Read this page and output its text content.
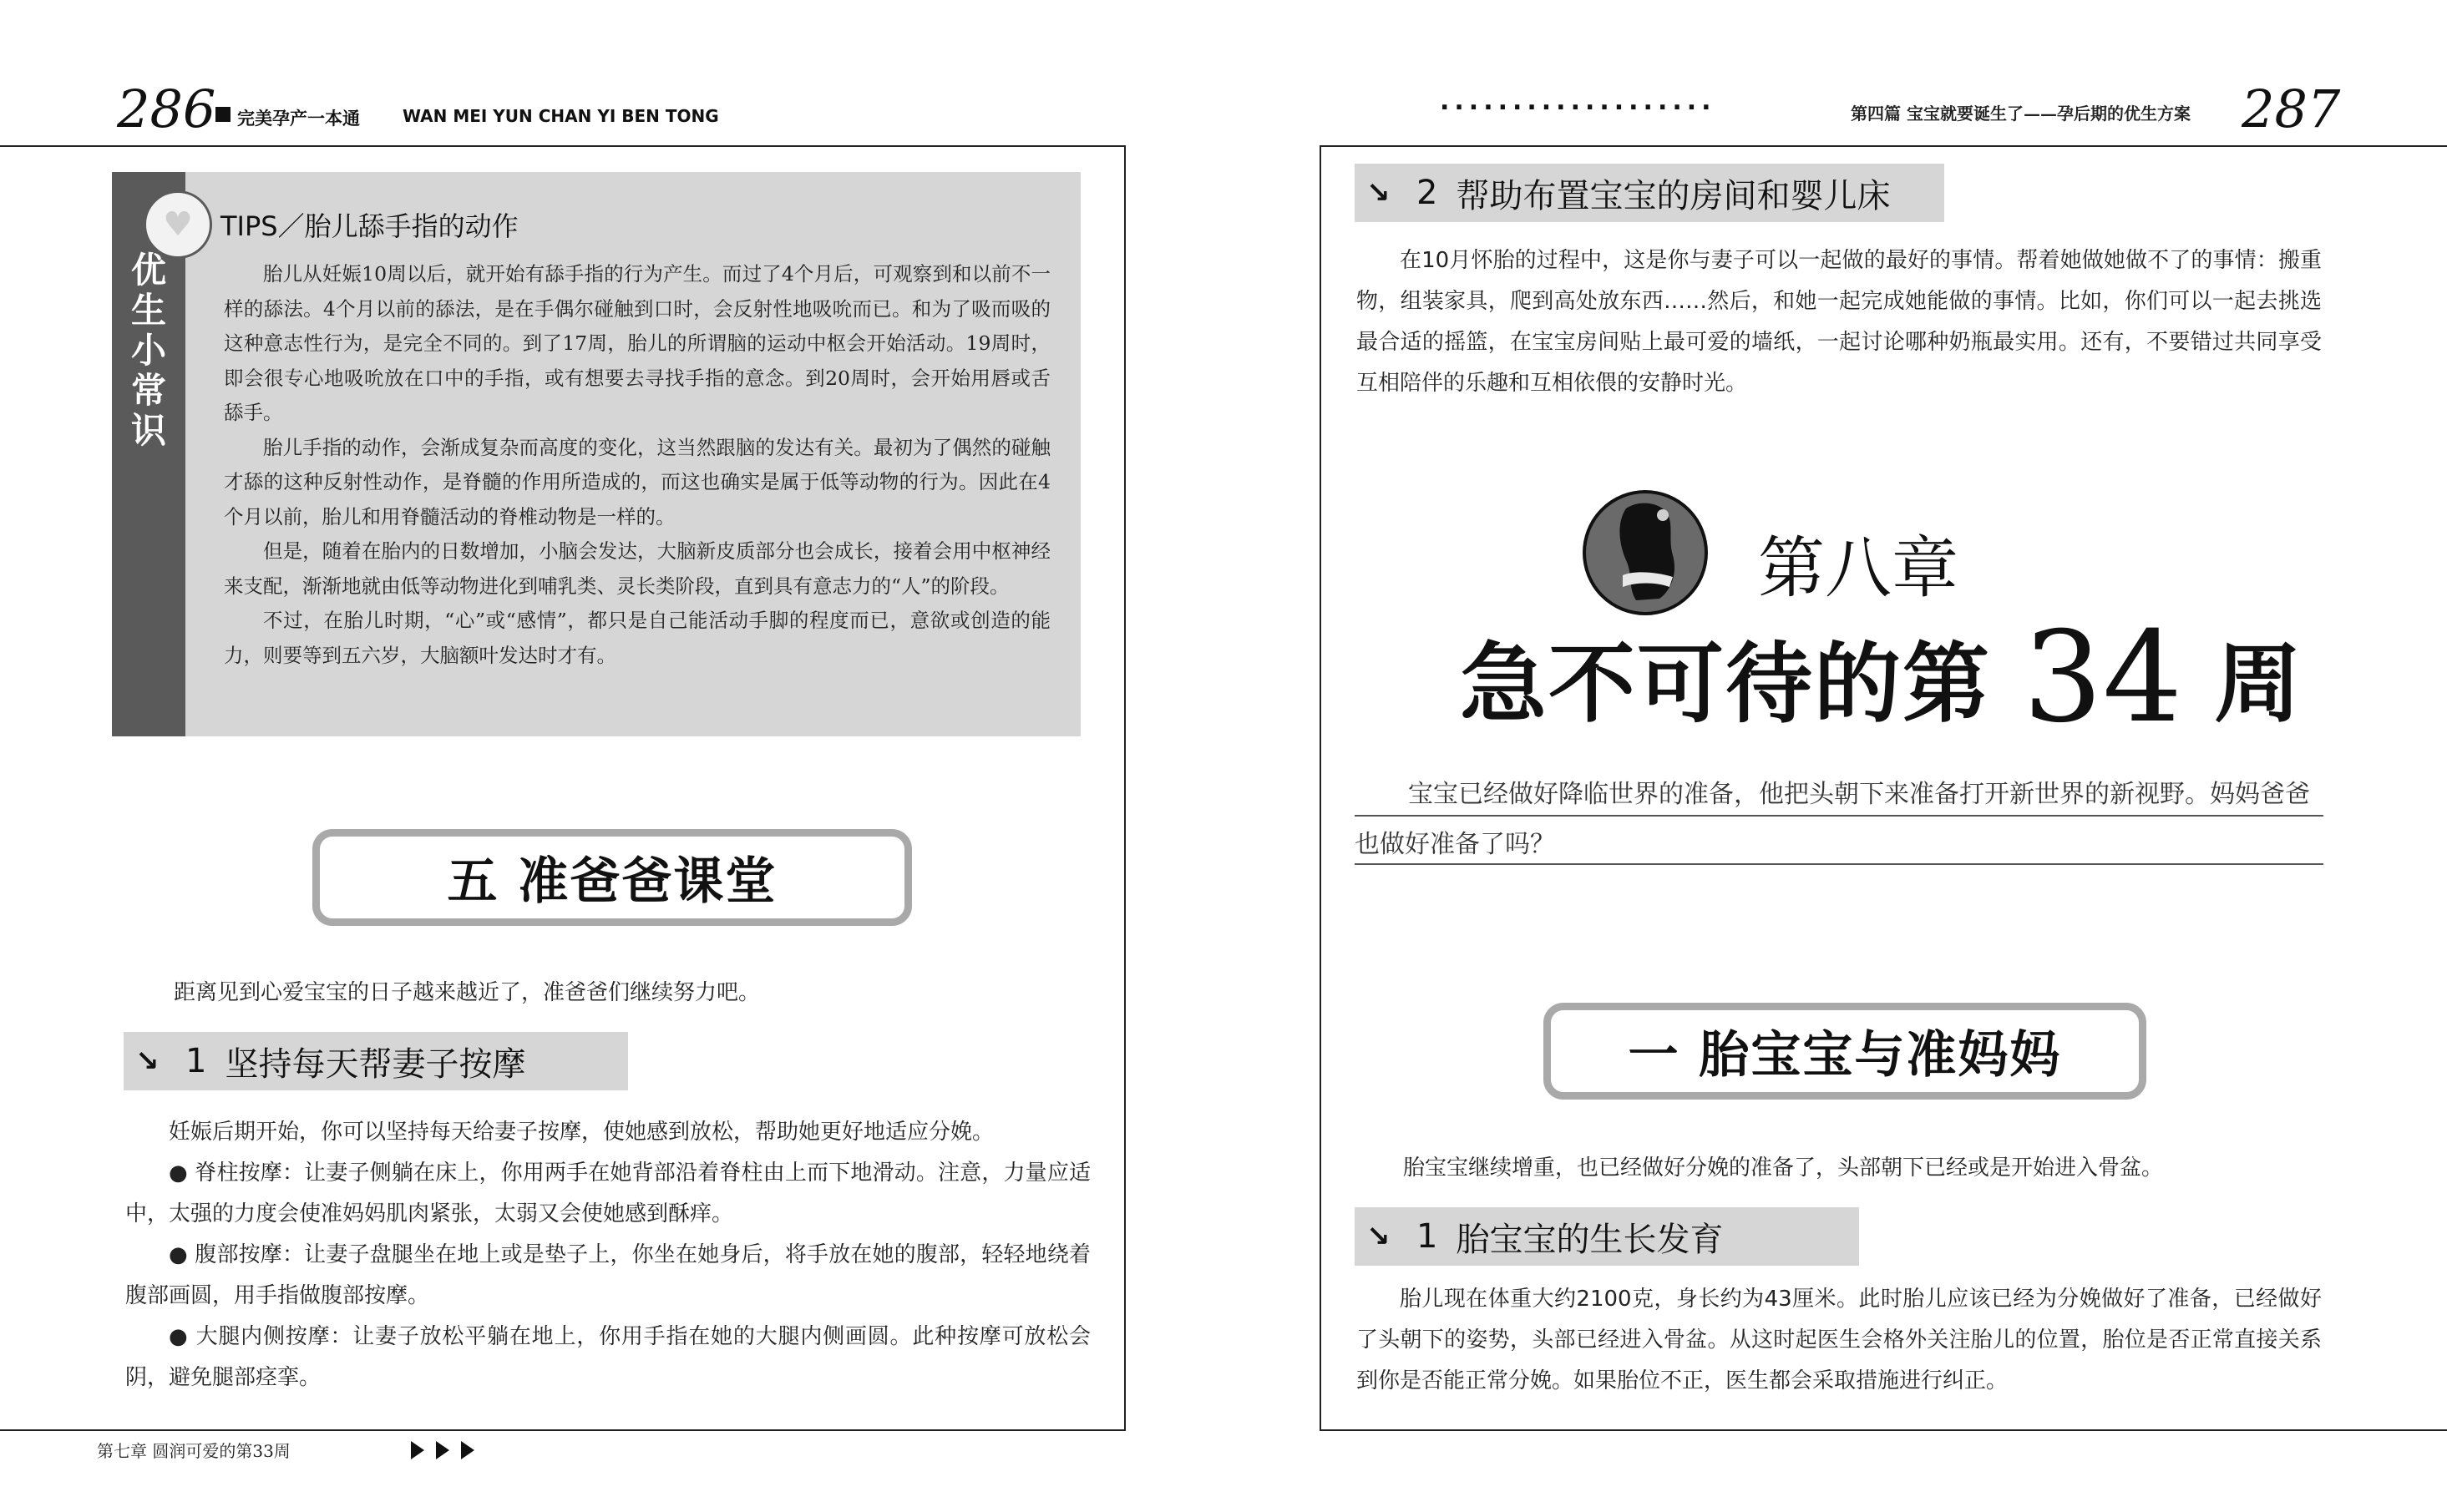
286 完美孕产一本通	WAN MEI YUN CHAN YI BEN TONG
♥
优生小常识
TIPS／胎儿舔手指的动作

胎儿从妊娠10周以后，就开始有舔手指的行为产生。而过了4个月后，可观察到和以前不一样的舔法。4个月以前的舔法，是在手偶尔碰触到口时，会反射性地吸吮而已。和为了吸而吸的这种意志性行为，是完全不同的。到了17周，胎儿的所谓脑的运动中枢会开始活动。19周时，即会很专心地吸吮放在口中的手指，或有想要去寻找手指的意念。到20周时，会开始用唇或舌舔手。

胎儿手指的动作，会渐成复杂而高度的变化，这当然跟脑的发达有关。最初为了偶然的碰触才舔的这种反射性动作，是脊髓的作用所造成的，而这也确实是属于低等动物的行为。因此在4个月以前，胎儿和用脊髓活动的脊椎动物是一样的。

但是，随着在胎内的日数增加，小脑会发达，大脑新皮质部分也会成长，接着会用中枢神经来支配，渐渐地就由低等动物进化到哺乳类、灵长类阶段，直到具有意志力的“人”的阶段。

不过，在胎儿时期，“心”或“感情”，都只是自己能活动手脚的程度而已，意欲或创造的能力，则要等到五六岁，大脑额叶发达时才有。

五 准爸爸课堂
距离见到心爱宝宝的日子越来越近了，准爸爸们继续努力吧。
↘ 1 坚持每天帮妻子按摩

妊娠后期开始，你可以坚持每天给妻子按摩，使她感到放松，帮助她更好地适应分娩。

● 脊柱按摩：让妻子侧躺在床上，你用两手在她背部沿着脊柱由上而下地滑动。注意，力量应适中，太强的力度会使准妈妈肌肉紧张，太弱又会使她感到酥痒。

● 腹部按摩：让妻子盘腿坐在地上或是垫子上，你坐在她身后，将手放在她的腹部，轻轻地绕着腹部画圆，用手指做腹部按摩。

● 大腿内侧按摩：让妻子放松平躺在地上，你用手指在她的大腿内侧画圆。此种按摩可放松会阴，避免腿部痉挛。

第七章 圆润可爱的第33周
...................	第四篇 宝宝就要诞生了——孕后期的优生方案 287
↘ 2 帮助布置宝宝的房间和婴儿床

在10月怀胎的过程中，这是你与妻子可以一起做的最好的事情。帮着她做她做不了的事情：搬重物，组装家具，爬到高处放东西……然后，和她一起完成她能做的事情。比如，你们可以一起去挑选最合适的摇篮，在宝宝房间贴上最可爱的墙纸，一起讨论哪种奶瓶最实用。还有，不要错过共同享受互相陪伴的乐趣和互相依偎的安静时光。

第八章
急不可待的第 34 周
宝宝已经做好降临世界的准备，他把头朝下来准备打开新世界的新视野。妈妈爸爸也做好准备了吗？
一 胎宝宝与准妈妈
胎宝宝继续增重，也已经做好分娩的准备了，头部朝下已经或是开始进入骨盆。
↘ 1 胎宝宝的生长发育

胎儿现在体重大约2100克，身长约为43厘米。此时胎儿应该已经为分娩做好了准备，已经做好了头朝下的姿势，头部已经进入骨盆。从这时起医生会格外关注胎儿的位置，胎位是否正常直接关系到你是否能正常分娩。如果胎位不正，医生都会采取措施进行纠正。
